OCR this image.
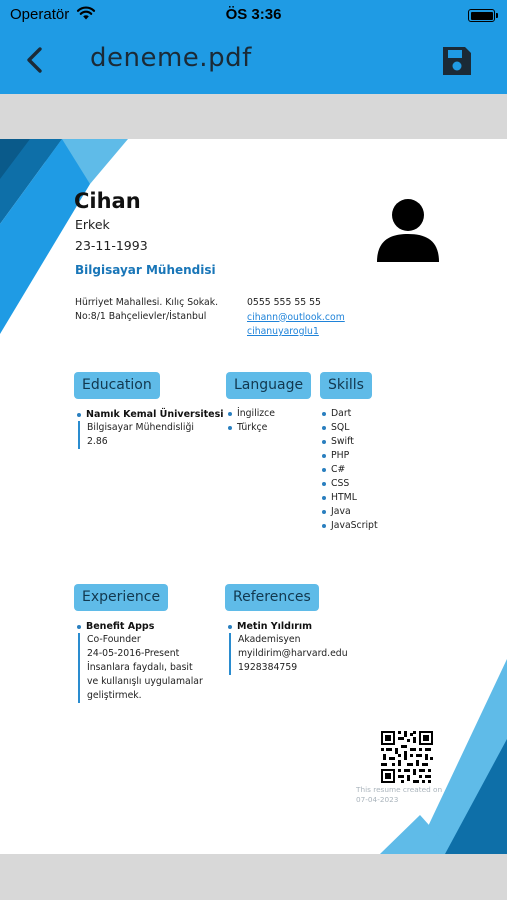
Operatör	ÖS 3:36
deneme.pdf
Cihan
Erkek
23-11-1993
Bilgisayar Mühendisi
Hürriyet Mahallesi. Kılıç Sokak.
No:8/1 Bahçelievler/İstanbul
0555 555 55 55
cihann@outlook.com
cihanuyaroglu1
Education
Namık Kemal Üniversitesi
Bilgisayar Mühendisliği
2.86
Language
İngilizce
Türkçe
Skills
Dart
SQL
Swift
PHP
C#
CSS
HTML
Java
JavaScript
Experience
Benefit Apps
Co-Founder
24-05-2016-Present
İnsanlara faydalı, basit
ve kullanışlı uygulamalar
geliştirmek.
References
Metin Yıldırım
Akademisyen
myildirim@harvard.edu
1928384759
This resume created on
07-04-2023
